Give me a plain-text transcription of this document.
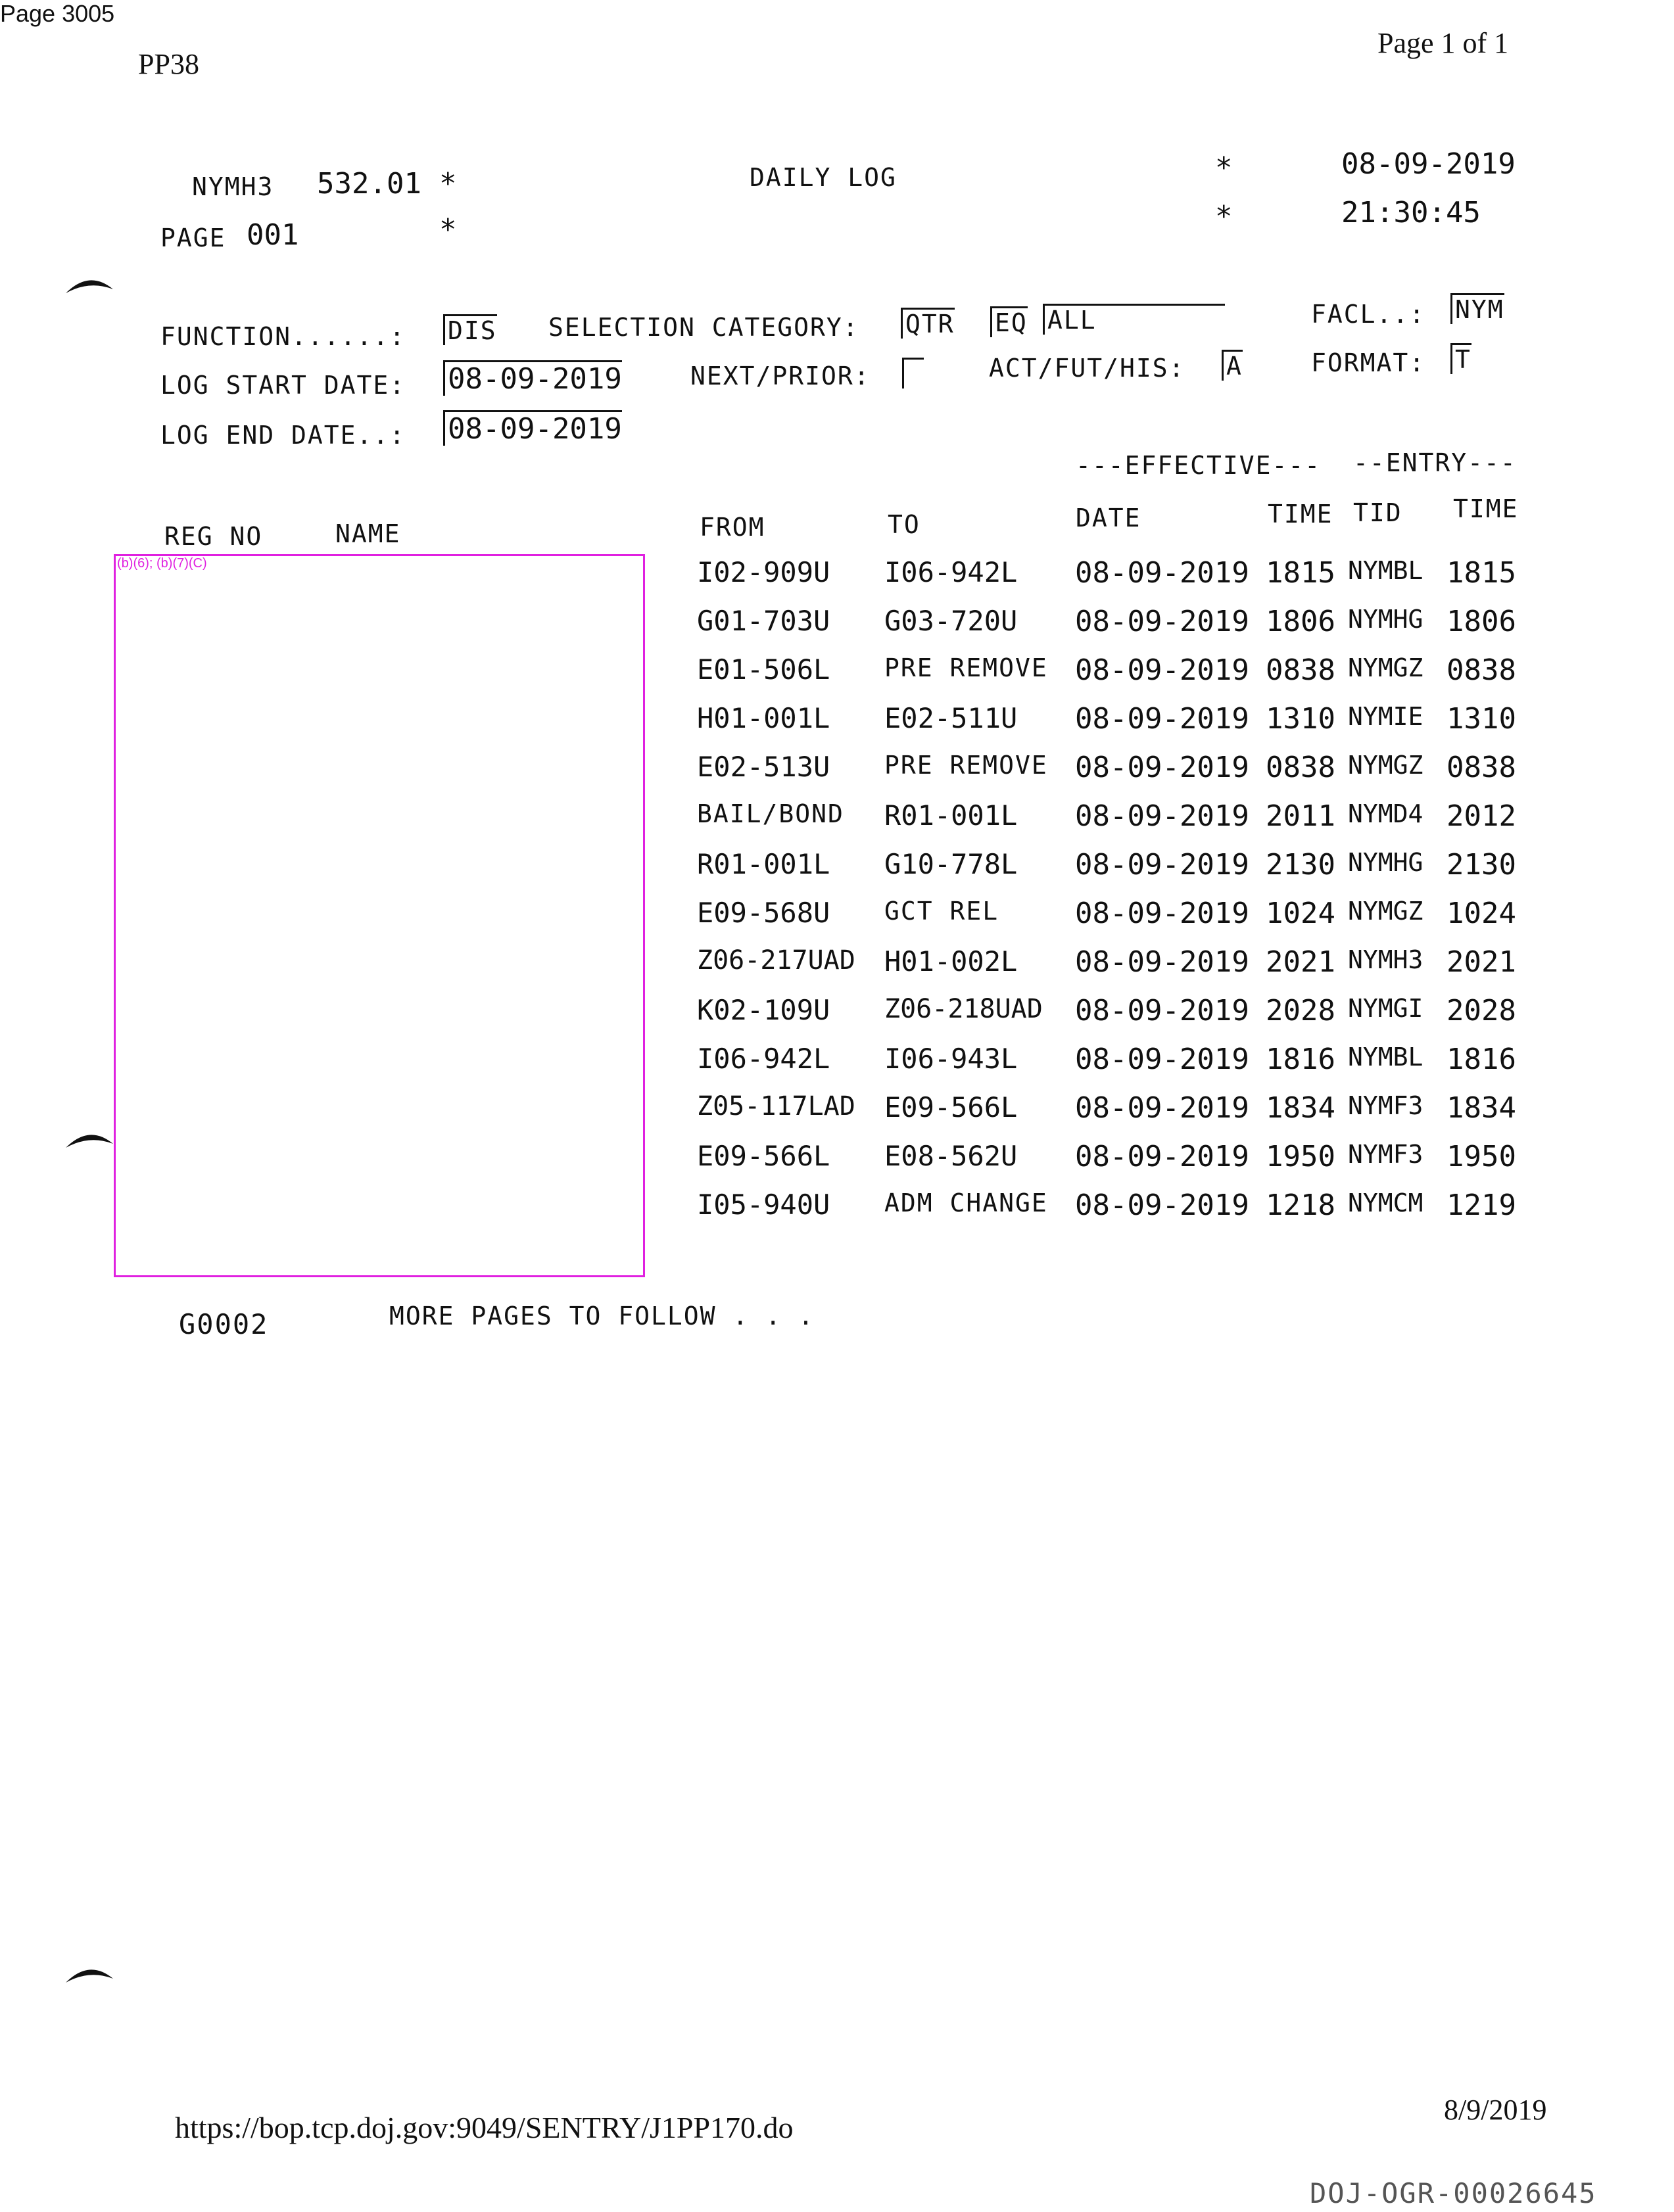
Page 3005
PP38
Page 1 of 1
NYMH3 532.01 *	DAILY LOG	*	08-09-2019
PAGE 001	*	*	21:30:45
FUNCTION......: DIS SELECTION CATEGORY: QTR EQ ALL	FACL..: NYM
LOG START DATE: 08-09-2019	NEXT/PRIOR:	ACT/FUT/HIS: A	FORMAT: T
LOG END DATE..: 08-09-2019
---EFFECTIVE--- --ENTRY---
REG NO	NAME	FROM	TO	DATE	TIME TID TIME
(b)(6); (b)(7)(C)	I02-909U I06-942L 08-09-2019 1815 NYMBL 1815
G01-703U G03-720U 08-09-2019 1806 NYMHG 1806
E01-506L PRE REMOVE 08-09-2019 0838 NYMGZ 0838
H01-001L E02-511U 08-09-2019 1310 NYMIE 1310
E02-513U PRE REMOVE 08-09-2019 0838 NYMGZ 0838
BAIL/BOND R01-001L 08-09-2019 2011 NYMD4 2012
R01-001L G10-778L 08-09-2019 2130 NYMHG 2130
E09-568U GCT REL	08-09-2019 1024 NYMGZ 1024
Z06-217UAD H01-002L 08-09-2019 2021 NYMH3 2021
K02-109U Z06-218UAD 08-09-2019 2028 NYMGI 2028
I06-942L I06-943L 08-09-2019 1816 NYMBL 1816
Z05-117LAD E09-566L 08-09-2019 1834 NYMF3 1834
E09-566L E08-562U 08-09-2019 1950 NYMF3 1950
I05-940U ADM CHANGE 08-09-2019 1218 NYMCM 1219
G0002	MORE PAGES TO FOLLOW . . .
https://bop.tcp.doj.gov:9049/SENTRY/J1PP170.do
8/9/2019
DOJ-OGR-00026645
